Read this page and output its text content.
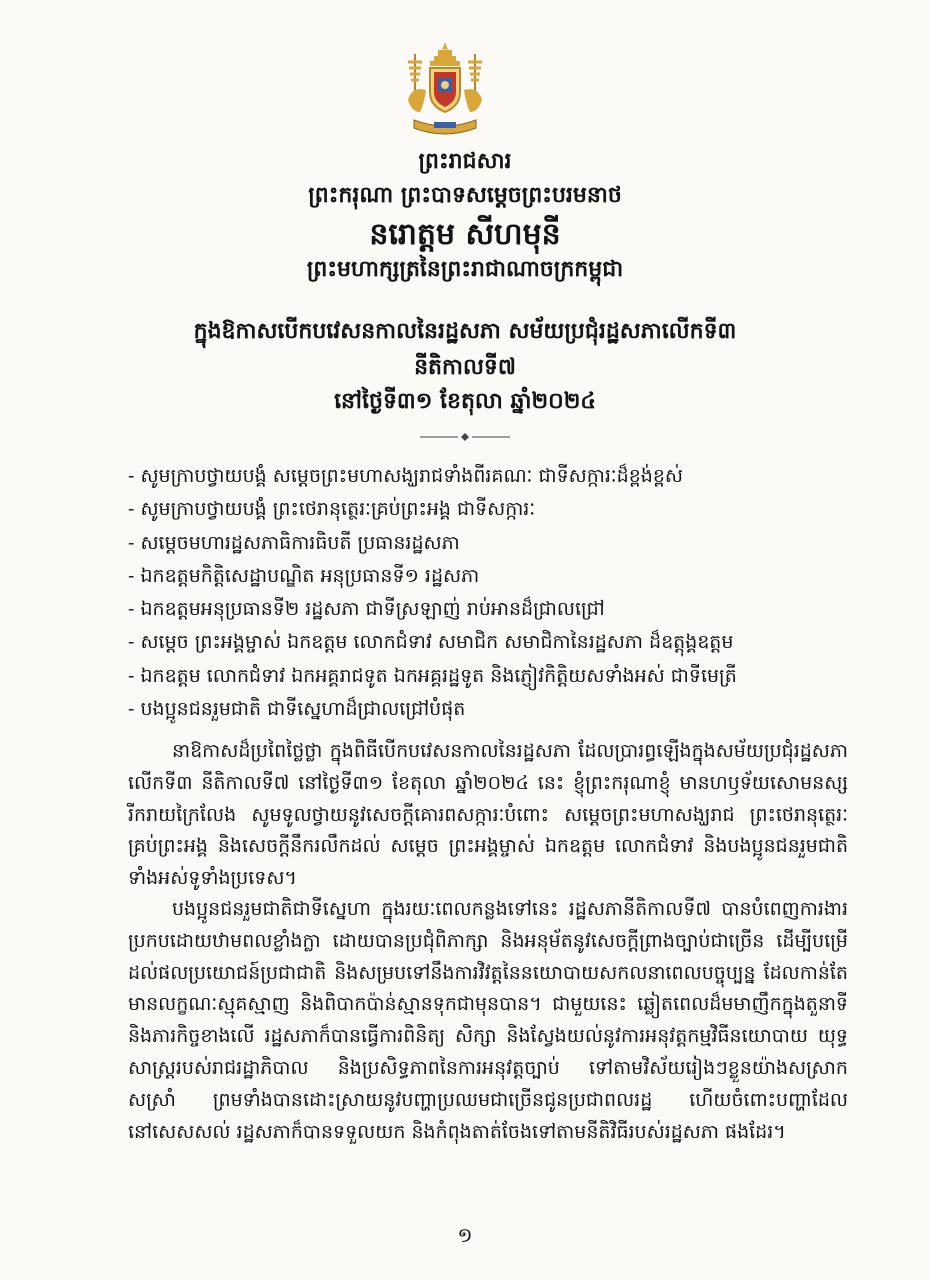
ព្រះរាជសារ
ព្រះករុណា ព្រះបាទសម្តេចព្រះបរមនាថ
នរោត្តម សីហមុនី
ព្រះមហាក្សត្រនៃព្រះរាជាណាចក្រកម្ពុជា
ក្នុងឱកាសបើកបវេសនកាលនៃរដ្ឋសភា សម័យប្រជុំរដ្ឋសភាលើកទី៣
នីតិកាលទី៧
នៅថ្ងៃទី៣១ ខែតុលា ឆ្នាំ២០២៤
- សូមក្រាបថ្វាយបង្គំ សម្តេចព្រះមហាសង្ឃរាជទាំងពីរគណៈ ជាទីសក្ការៈដ៏ខ្ពង់ខ្ពស់
- សូមក្រាបថ្វាយបង្គំ ព្រះថេរានុត្ថេរៈគ្រប់ព្រះអង្គ ជាទីសក្ការៈ
- សម្តេចមហារដ្ឋសភាធិការធិបតី ប្រធានរដ្ឋសភា
- ឯកឧត្តមកិត្តិសេដ្ឋាបណ្ឌិត អនុប្រធានទី១ រដ្ឋសភា
- ឯកឧត្តមអនុប្រធានទី២ រដ្ឋសភា ជាទីស្រឡាញ់ រាប់អានដ៏ជ្រាលជ្រៅ
- សម្តេច ព្រះអង្គម្ចាស់ ឯកឧត្តម លោកជំទាវ សមាជិក សមាជិកានៃរដ្ឋសភា ដ៏ឧត្តុង្គឧត្តម
- ឯកឧត្តម លោកជំទាវ ឯកអគ្គរាជទូត ឯកអគ្គរដ្ឋទូត និងភ្ញៀវកិត្តិយសទាំងអស់ ជាទីមេត្រី
- បងប្អូនជនរួមជាតិ ជាទីស្នេហាដ៏ជ្រាលជ្រៅបំផុត

នាឱកាសដ៏ប្រពៃថ្លៃថ្លា ក្នុងពិធីបើកបវេសនកាលនៃរដ្ឋសភា ដែលប្រារព្ធឡើងក្នុងសម័យប្រជុំរដ្ឋសភាលើកទី៣ នីតិកាលទី៧ នៅថ្ងៃទី៣១ ខែតុលា ឆ្នាំ២០២៤ នេះ ខ្ញុំព្រះករុណាខ្ញុំ មានហឫទ័យសោមនស្សរីករាយក្រៃលែង សូមទូលថ្វាយនូវសេចក្តីគោរពសក្ការៈបំពោះ សម្តេចព្រះមហាសង្ឃរាជ ព្រះថេរានុត្ថេរៈគ្រប់ព្រះអង្គ និងសេចក្តីនឹករលឹកដល់ សម្តេច ព្រះអង្គម្ចាស់ ឯកឧត្តម លោកជំទាវ និងបងប្អូនជនរួមជាតិទាំងអស់ទូទាំងប្រទេស។

បងប្អូនជនរួមជាតិជាទីស្នេហា ក្នុងរយៈពេលកន្លងទៅនេះ រដ្ឋសភានីតិកាលទី៧ បានបំពេញការងារប្រកបដោយឋាមពលខ្លាំងក្លា ដោយបានប្រជុំពិភាក្សា និងអនុម័តនូវសេចក្តីព្រាងច្បាប់ជាច្រើន ដើម្បីបម្រើដល់ផលប្រយោជន៍ប្រជាជាតិ និងសម្របទៅនឹងការវិវត្តនៃនយោបាយសកលនាពេលបច្ចុប្បន្ន ដែលកាន់តែមានលក្ខណៈស្មុគស្មាញ និងពិបាកប៉ាន់ស្មានទុកជាមុនបាន។ ជាមួយនេះ ឆ្លៀតពេលដ៏មមាញឹកក្នុងតួនាទីនិងភារកិច្ចខាងលើ រដ្ឋសភាក៏បានធ្វើការពិនិត្យ សិក្សា និងស្វែងយល់នូវការអនុវត្តកម្មវិធីនយោបាយ យុទ្ធសាស្ត្ររបស់រាជរដ្ឋាភិបាល និងប្រសិទ្ធភាពនៃការអនុវត្តច្បាប់ ទៅតាមវិស័យរៀងៗខ្លួនយ៉ាងសស្រាកសស្រាំ ព្រមទាំងបានដោះស្រាយនូវបញ្ហាប្រឈមជាច្រើនជូនប្រជាពលរដ្ឋ ហើយចំពោះបញ្ហាដែលនៅសេសសល់ រដ្ឋសភាក៏បានទទួលយក និងកំពុងតាត់ចែងទៅតាមនីតិវិធីរបស់រដ្ឋសភា ផងដែរ។

១
